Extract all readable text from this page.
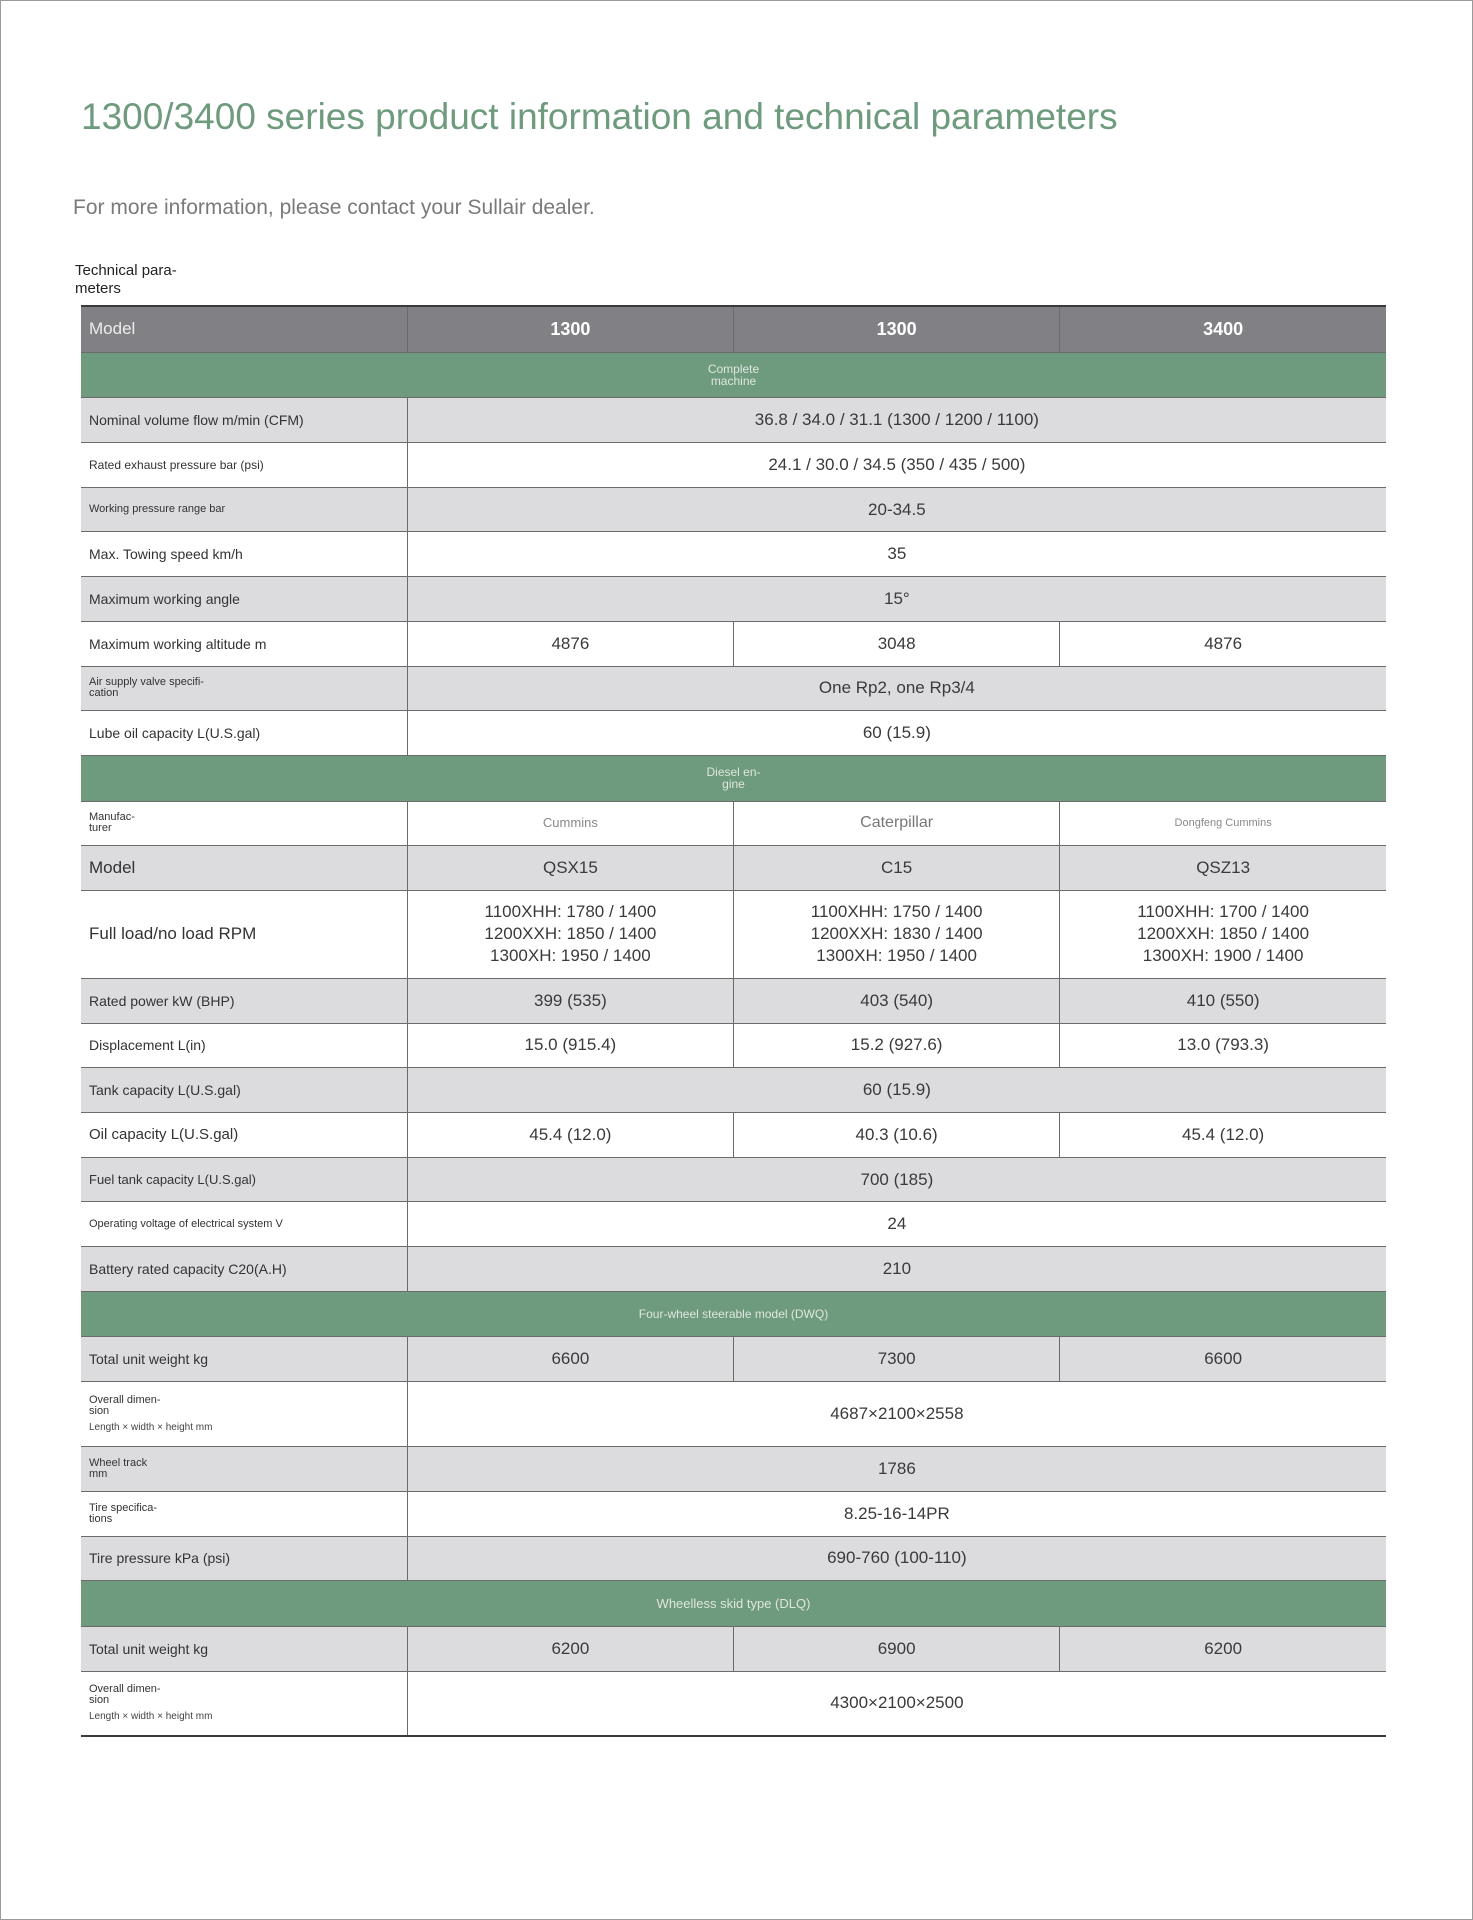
1300/3400 series product information and technical parameters

For more information, please contact your Sullair dealer.

Technical para-
meters
Model	1300	1300	3400
Complete
machine			
Nominal volume flow m/min (CFM)	36.8 / 34.0 / 31.1 (1300 / 1200 / 1100)		
Rated exhaust pressure bar (psi)	24.1 / 30.0 / 34.5 (350 / 435 / 500)		
Working pressure range bar	20-34.5		
Max. Towing speed km/h	35		
Maximum working angle	15°		
Maximum working altitude m	4876	3048	4876
Air supply valve specifi-
cation	One Rp2, one Rp3/4		
Lube oil capacity L(U.S.gal)	60 (15.9)		
Diesel en-
gine			
Manufac-
turer	Cummins	Caterpillar	Dongfeng Cummins
Model	QSX15	C15	QSZ13
Full load/no load RPM	1100XHH: 1780 / 1400
1200XXH: 1850 / 1400
1300XH: 1950 / 1400	1100XHH: 1750 / 1400
1200XXH: 1830 / 1400
1300XH: 1950 / 1400	1100XHH: 1700 / 1400
1200XXH: 1850 / 1400
1300XH: 1900 / 1400
Rated power kW (BHP)	399 (535)	403 (540)	410 (550)
Displacement L(in)	15.0 (915.4)	15.2 (927.6)	13.0 (793.3)
Tank capacity L(U.S.gal)	60 (15.9)		
Oil capacity L(U.S.gal)	45.4 (12.0)	40.3 (10.6)	45.4 (12.0)
Fuel tank capacity L(U.S.gal)	700 (185)		
Operating voltage of electrical system V	24		
Battery rated capacity C20(A.H)	210		
Four-wheel steerable model (DWQ)			
Total unit weight kg	6600	7300	6600
Overall dimen-
sion
Length × width × height mm	4687×2100×2558		
Wheel track
mm	1786		
Tire specifica-
tions	8.25-16-14PR		
Tire pressure kPa (psi)	690-760 (100-110)		
Wheelless skid type (DLQ)			
Total unit weight kg	6200	6900	6200
Overall dimen-
sion
Length × width × height mm	4300×2100×2500		
